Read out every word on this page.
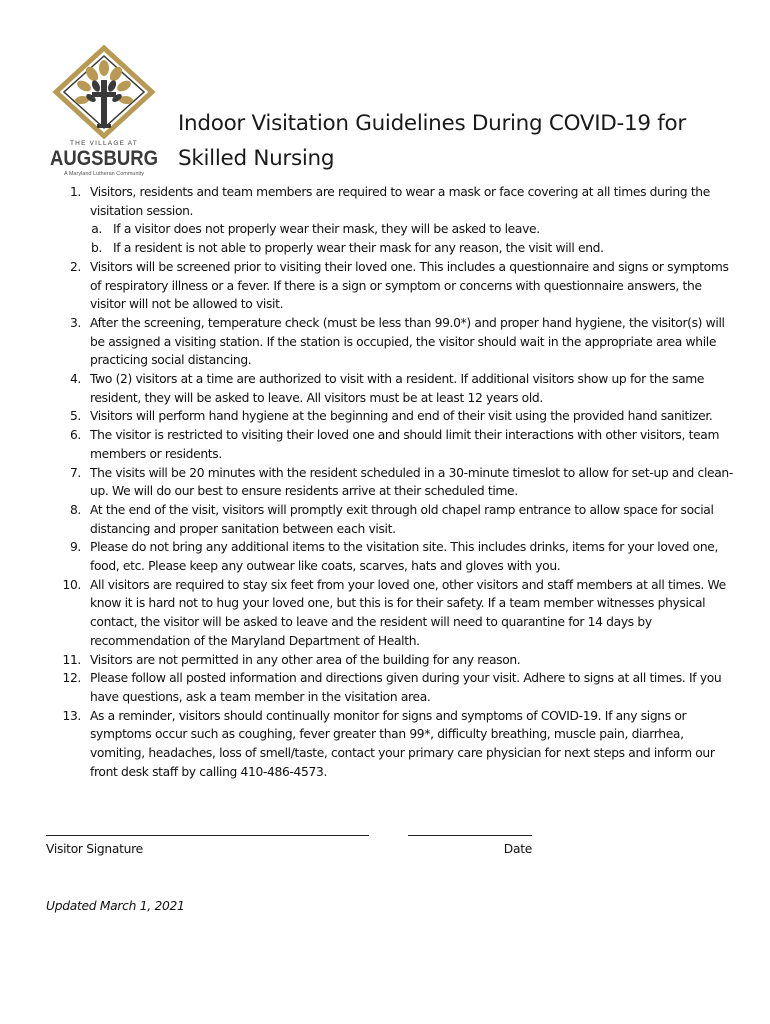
THE VILLAGE AT
AUGSBURG
A Maryland Lutheran Community
Indoor Visitation Guidelines During COVID-19 for
Skilled Nursing
1. Visitors, residents and team members are required to wear a mask or face covering at all times during the visitation session.
a. If a visitor does not properly wear their mask, they will be asked to leave.
b. If a resident is not able to properly wear their mask for any reason, the visit will end.
2. Visitors will be screened prior to visiting their loved one. This includes a questionnaire and signs or symptoms of respiratory illness or a fever. If there is a sign or symptom or concerns with questionnaire answers, the visitor will not be allowed to visit.
3. After the screening, temperature check (must be less than 99.0*) and proper hand hygiene, the visitor(s) will be assigned a visiting station. If the station is occupied, the visitor should wait in the appropriate area while practicing social distancing.
4. Two (2) visitors at a time are authorized to visit with a resident. If additional visitors show up for the same resident, they will be asked to leave. All visitors must be at least 12 years old.
5. Visitors will perform hand hygiene at the beginning and end of their visit using the provided hand sanitizer.
6. The visitor is restricted to visiting their loved one and should limit their interactions with other visitors, team members or residents.
7. The visits will be 20 minutes with the resident scheduled in a 30-minute timeslot to allow for set-up and clean-up. We will do our best to ensure residents arrive at their scheduled time.
8. At the end of the visit, visitors will promptly exit through old chapel ramp entrance to allow space for social distancing and proper sanitation between each visit.
9. Please do not bring any additional items to the visitation site. This includes drinks, items for your loved one, food, etc. Please keep any outwear like coats, scarves, hats and gloves with you.
10. All visitors are required to stay six feet from your loved one, other visitors and staff members at all times. We know it is hard not to hug your loved one, but this is for their safety. If a team member witnesses physical contact, the visitor will be asked to leave and the resident will need to quarantine for 14 days by recommendation of the Maryland Department of Health.
11. Visitors are not permitted in any other area of the building for any reason.
12. Please follow all posted information and directions given during your visit. Adhere to signs at all times. If you have questions, ask a team member in the visitation area.
13. As a reminder, visitors should continually monitor for signs and symptoms of COVID-19. If any signs or symptoms occur such as coughing, fever greater than 99*, difficulty breathing, muscle pain, diarrhea, vomiting, headaches, loss of smell/taste, contact your primary care physician for next steps and inform our front desk staff by calling 410-486-4573.
Visitor Signature	Date
Updated March 1, 2021
